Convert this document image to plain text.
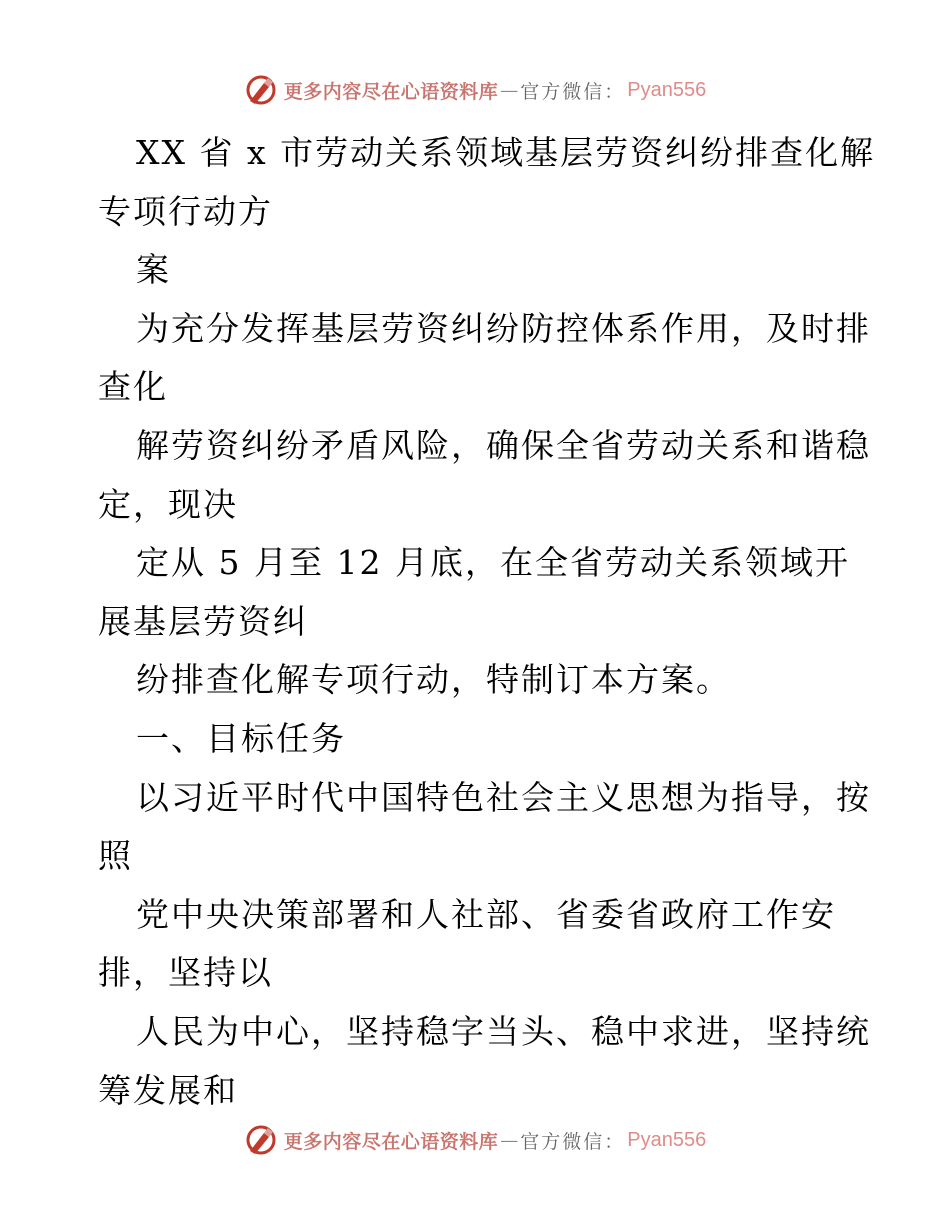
更多内容尽在心语资料库 — 官方微信 ： Pyan556
XX 省 x 市劳动关系领域基层劳资纠纷排查化解
专项行动方
案
为充分发挥基层劳资纠纷防控体系作用，及时排
查化
解劳资纠纷矛盾风险，确保全省劳动关系和谐稳
定，现决
定从 5 月至 12 月底，在全省劳动关系领域开
展基层劳资纠
纷排查化解专项行动，特制订本方案。
一、目标任务
以习近平时代中国特色社会主义思想为指导，按
照
党中央决策部署和人社部、省委省政府工作安
排，坚持以
人民为中心，坚持稳字当头、稳中求进，坚持统
筹发展和
更多内容尽在心语资料库 — 官方微信 ： Pyan556
